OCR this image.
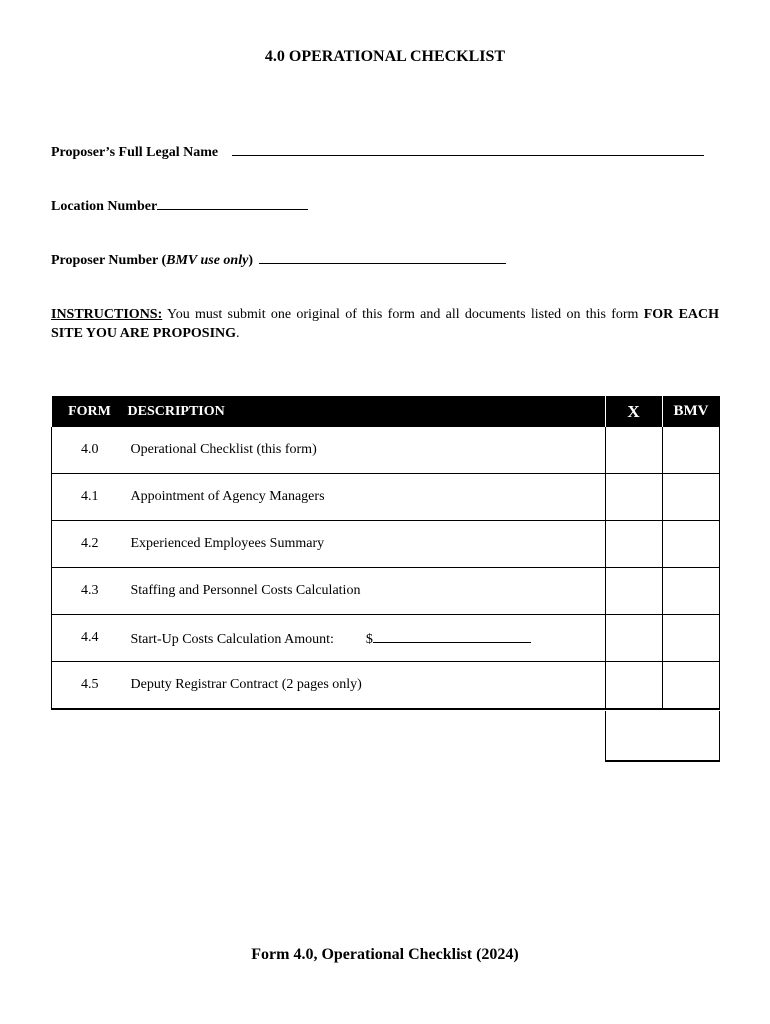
4.0 OPERATIONAL CHECKLIST
Proposer’s Full Legal Name
Location Number
Proposer Number (BMV use only)
INSTRUCTIONS: You must submit one original of this form and all documents listed on this form FOR EACH SITE YOU ARE PROPOSING.
FORM	DESCRIPTION	X	BMV
4.0	Operational Checklist (this form)		
4.1	Appointment of Agency Managers		
4.2	Experienced Employees Summary		
4.3	Staffing and Personnel Costs Calculation		
4.4	Start-Up Costs Calculation Amount: $		
4.5	Deputy Registrar Contract (2 pages only)		
Form 4.0, Operational Checklist (2024)
